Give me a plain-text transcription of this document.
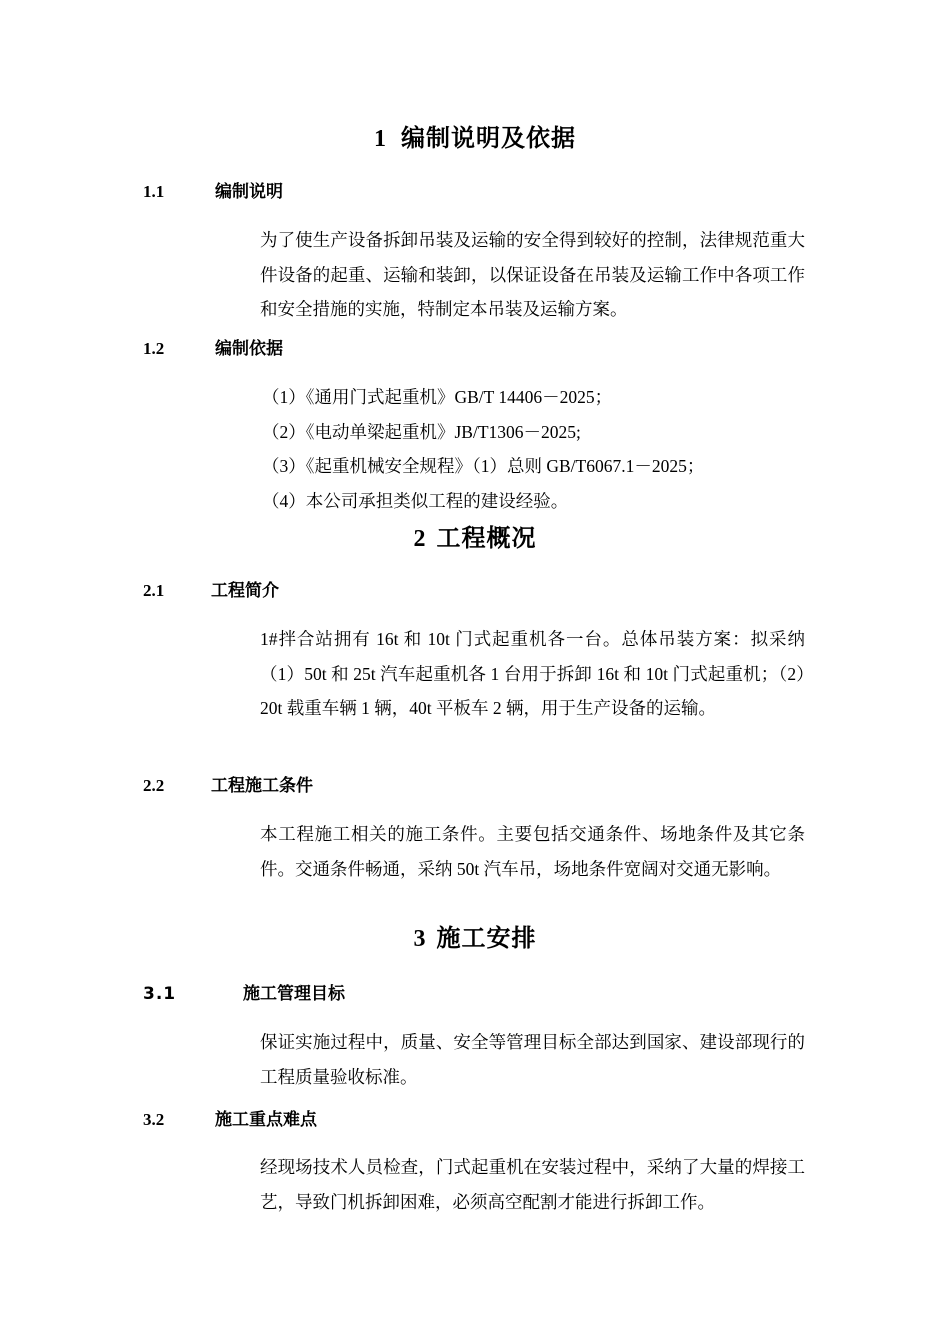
1 编制说明及依据
1.1	编制说明
为了使生产设备拆卸吊装及运输的安全得到较好的控制，法律规范重大件设备的起重、运输和装卸，以保证设备在吊装及运输工作中各项工作和安全措施的实施，特制定本吊装及运输方案。
1.2	编制依据
（1）《通用门式起重机》GB/T 14406－2025；
（2）《电动单梁起重机》JB/T1306－2025;
（3）《起重机械安全规程》（1）总则 GB/T6067.1－2025；
（4）本公司承担类似工程的建设经验。
2 工程概况
2.1	工程简介
1#拌合站拥有 16t 和 10t 门式起重机各一台。总体吊装方案：拟采纳（1）50t 和 25t 汽车起重机各 1 台用于拆卸 16t 和 10t 门式起重机；（2）20t 载重车辆 1 辆，40t 平板车 2 辆，用于生产设备的运输。
2.2	工程施工条件
本工程施工相关的施工条件。主要包括交通条件、场地条件及其它条件。交通条件畅通，采纳 50t 汽车吊，场地条件宽阔对交通无影响。
3 施工安排
3.1	施工管理目标
保证实施过程中，质量、安全等管理目标全部达到国家、建设部现行的工程质量验收标准。
3.2	施工重点难点
经现场技术人员检查，门式起重机在安装过程中，采纳了大量的焊接工艺，导致门机拆卸困难，必须高空配割才能进行拆卸工作。
